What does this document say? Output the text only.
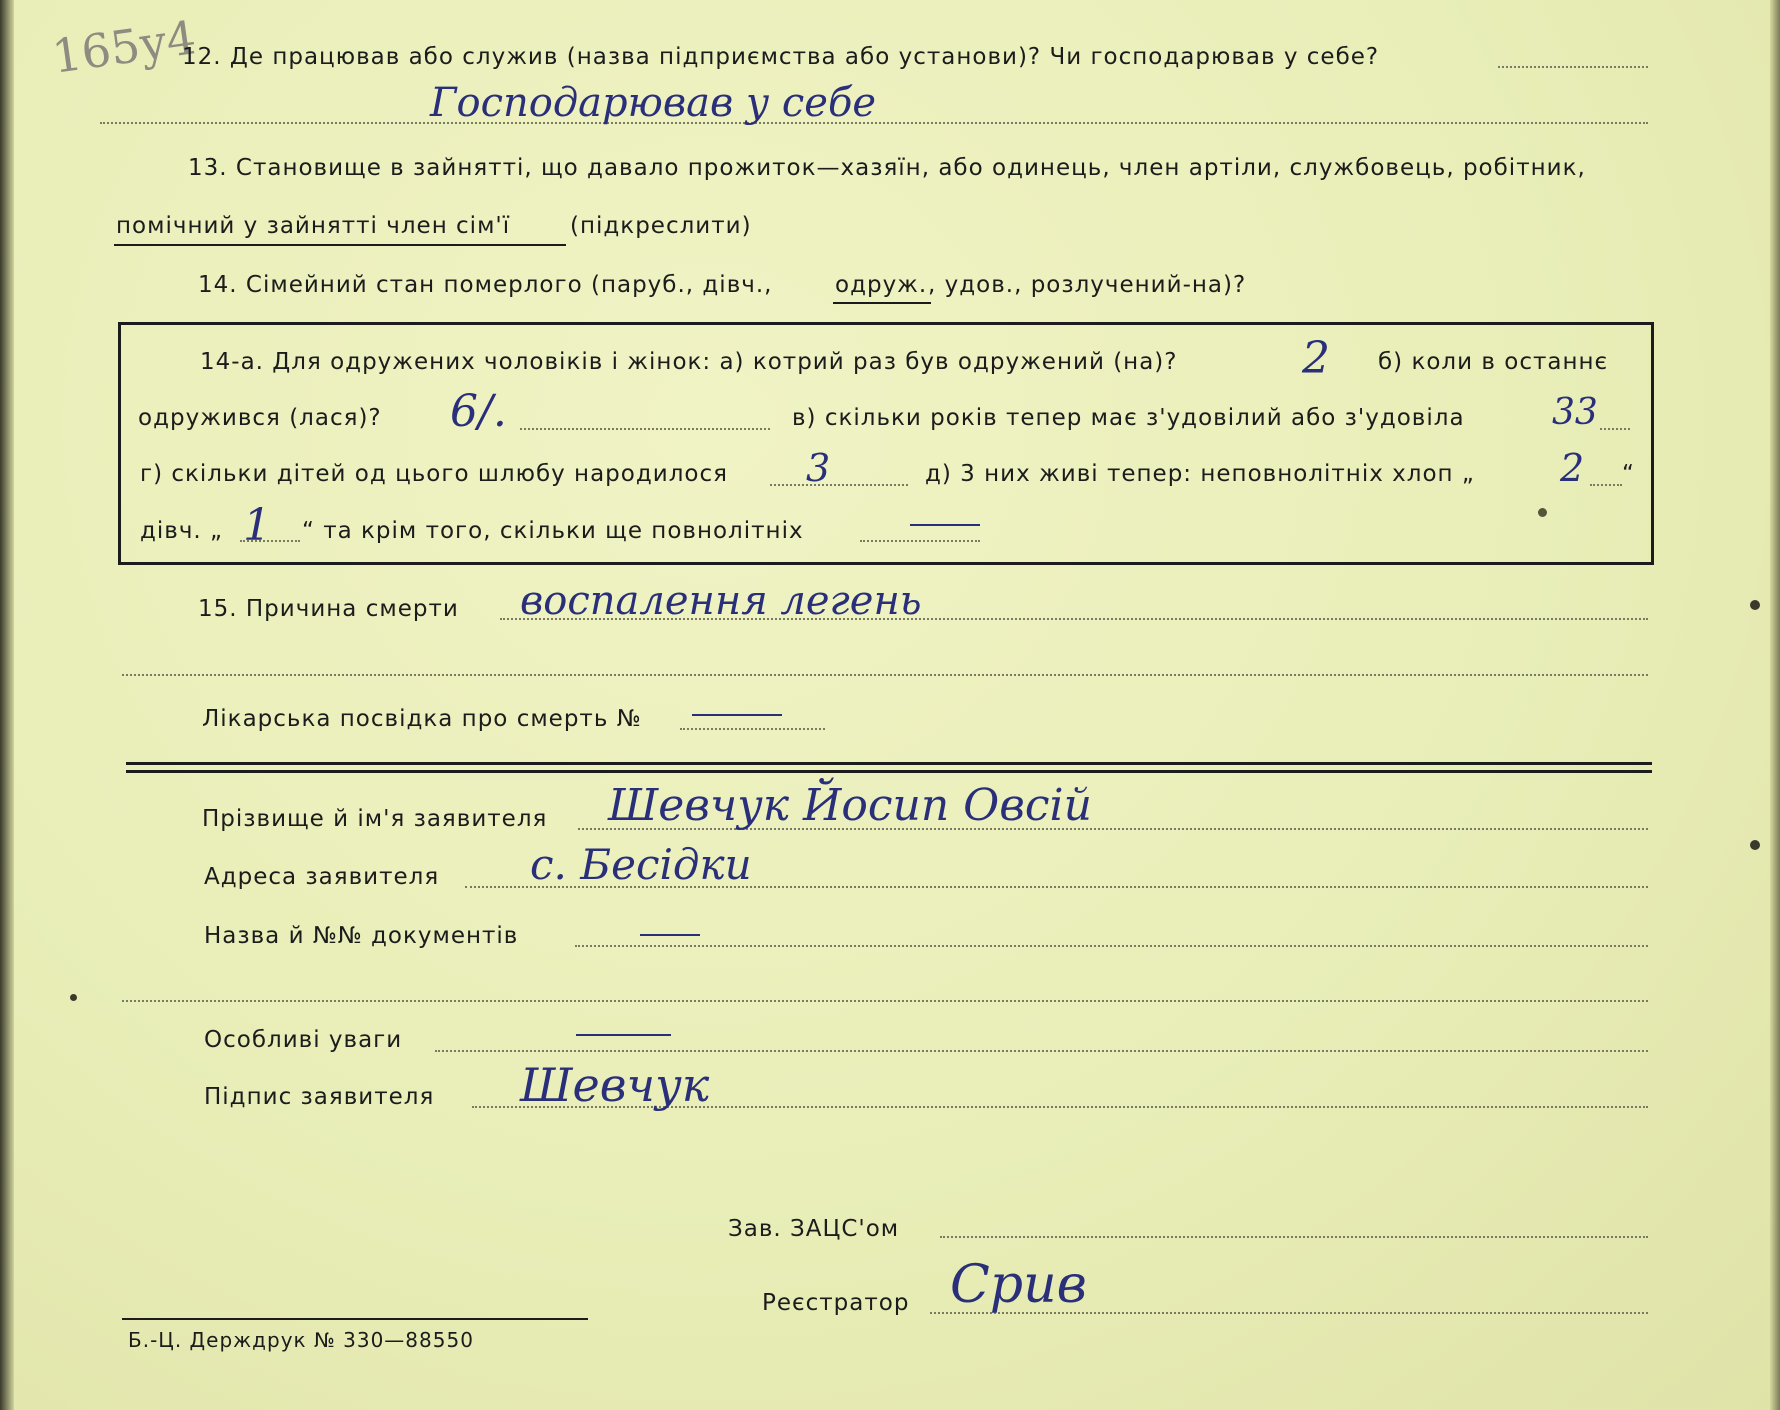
165у4
12. Де працював або служив (назва підприємства або установи)? Чи господарював у себе?
Господарював у себе
13. Становище в зайнятті, що давало прожиток—хазяїн, або одинець, член артіли, службовець, робітник,
помічний у зайнятті член сім'ї	(підкреслити)
14. Сімейний стан померлого (паруб., дівч.,	одруж. , удов., розлучений-на)?
14-а. Для одружених чоловіків і жінок: а) котрий раз був одружений (на)?	2 б) коли в останнє
одружився (лася)? 6/.	в) скільки років тепер має з'удовілий або з'удовіла 33
г) скільки дітей од цього шлюбу народилося 3	д) 3 них живі тепер: неповнолітніх хлоп „ 2 “
дівч. „ 1 “ та крім того, скільки ще повнолітніх
15. Причина смерти воспалення легень
Лікарська посвідка про смерть №
Прізвище й ім'я заявителя Шевчук Йосип Овсій
Адреса заявителя с. Бесідки
Назва й №№ документів
Особливі уваги
Підпис заявителя Шевчук
Зав. ЗАЦС'ом
Реєстратор Срив
Б.-Ц. Держдрук № 330—88550
